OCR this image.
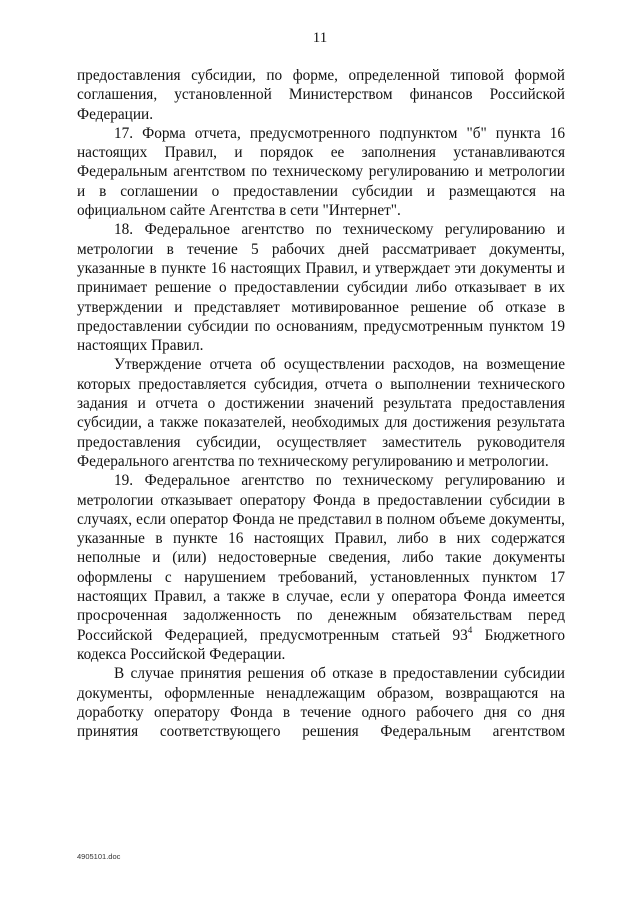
11

предоставления субсидии, по форме, определенной типовой формой соглашения, установленной Министерством финансов Российской Федерации.

17. Форма отчета, предусмотренного подпунктом "б" пункта 16 настоящих Правил, и порядок ее заполнения устанавливаются Федеральным агентством по техническому регулированию и метрологии и в соглашении о предоставлении субсидии и размещаются на официальном сайте Агентства в сети "Интернет".

18. Федеральное агентство по техническому регулированию и метрологии в течение 5 рабочих дней рассматривает документы, указанные в пункте 16 настоящих Правил, и утверждает эти документы и принимает решение о предоставлении субсидии либо отказывает в их утверждении и представляет мотивированное решение об отказе в предоставлении субсидии по основаниям, предусмотренным пунктом 19 настоящих Правил.

Утверждение отчета об осуществлении расходов, на возмещение которых предоставляется субсидия, отчета о выполнении технического задания и отчета о достижении значений результата предоставления субсидии, а также показателей, необходимых для достижения результата предоставления субсидии, осуществляет заместитель руководителя Федерального агентства по техническому регулированию и метрологии.

19. Федеральное агентство по техническому регулированию и метрологии отказывает оператору Фонда в предоставлении субсидии в случаях, если оператор Фонда не представил в полном объеме документы, указанные в пункте 16 настоящих Правил, либо в них содержатся неполные и (или) недостоверные сведения, либо такие документы оформлены с нарушением требований, установленных пунктом 17 настоящих Правил, а также в случае, если у оператора Фонда имеется просроченная задолженность по денежным обязательствам перед Российской Федерацией, предусмотренным статьей $93^4$ Бюджетного кодекса Российской Федерации.

В случае принятия решения об отказе в предоставлении субсидии документы, оформленные ненадлежащим образом, возвращаются на доработку оператору Фонда в течение одного рабочего дня со дня принятия соответствующего решения Федеральным агентством

4905101.doc
